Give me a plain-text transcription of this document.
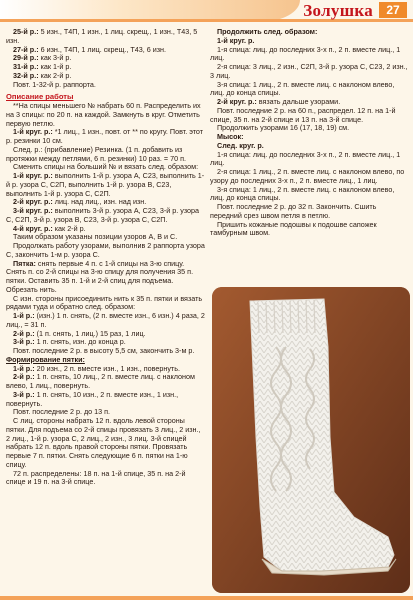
Золушка	27

25-й р.: 5 изн., Т4П, 1 изн., 1 лиц. скрещ., 1 изн., Т43, 5 изн.

27-й р.: 6 изн., Т4П, 1 лиц. скрещ., Т43, 6 изн.

29-й р.: как 3-й р.

31-й р.: как 1-й р.

32-й р.: как 2-й р.

Повт. 1-32-й р. раппорта.

Описание работы

**На спицы меньшего № набрать 60 п. Распределить их на 3 спицы: по 20 п. на каждой. Замкнуть в круг. Отметить первую петлю.

1-й круг. р.: *1 лиц., 1 изн., повт. от ** по кругу. Повт. этот р. резинки 10 см.

След. р.: (прибавление) Резинка. (1 п. добавить из протяжки между петлями, 6 п. резинки) 10 раз. = 70 п.

Сменить спицы на больший № и вязать след. образом:

1-й круг. р.: выполнить 1-й р. узора А, С23, выполнить 1-й р. узора С, С2П, выполнить 1-й р. узора В, С23, выполнить 1-й р. узора С, С2П.

2-й круг. р.: лиц. над лиц., изн. над изн.

3-й круг. р.: выполнить 3-й р. узора А, С23, 3-й р. узора С, С2П, 3-й р. узора В, С23, 3-й р. узора С, С2П.

4-й круг. р.: как 2-й р.

Таким образом указаны позиции узоров А, В и С.

Продолжать работу узорами, выполнив 2 раппорта узора С, закончить 1-м р. узора С.

Пятка: снять первые 4 п. с 1-й спицы на 3-ю спицу. Снять п. со 2-й спицы на 3-ю спицу для получения 35 п. пятки. Оставить 35 п. 1-й и 2-й спиц для подъема. Обрезать нить.

С изн. стороны присоединить нить к 35 п. пятки и вязать рядами туда и обратно след. образом:

1-й р.: (изн.) 1 п. снять, (2 п. вместе изн., 6 изн.) 4 раза, 2 лиц., = 31 п.

2-й р.: (1 п. снять, 1 лиц.) 15 раз, 1 лиц.

3-й р.: 1 п. снять, изн. до конца р.

Повт. последние 2 р. в высоту 5,5 см, закончить 3-м р.

Формирование пятки:

1-й р.: 20 изн., 2 п. вместе изн., 1 изн., повернуть.

2-й р.: 1 п. снять, 10 лиц., 2 п. вместе лиц. с наклоном влево, 1 лиц., повернуть.

3-й р.: 1 п. снять, 10 изн., 2 п. вместе изн., 1 изн., повернуть.

Повт. последние 2 р. до 13 п.

С лиц. стороны набрать 12 п. вдоль левой стороны пятки. Для подъема со 2-й спицы провязать 3 лиц., 2 изн., 2 лиц., 1-й р. узора С, 2 лиц., 2 изн., 3 лиц. 3-й спицей набрать 12 п. вдоль правой стороны пятки. Провязать первые 7 п. пятки. Снять следующие 6 п. пятки на 1-ю спицу.

72 п. распределены: 18 п. на 1-й спице, 35 п. на 2-й спице и 19 п. на 3-й спице.

Продолжить след. образом:

1-й круг. р.

1-я спица: лиц. до последних 3-х п., 2 п. вместе лиц., 1 лиц.

2-я спица: 3 лиц., 2 изн., С2П, 3-й р. узора С, С23, 2 изн., 3 лиц.

3-я спица: 1 лиц., 2 п. вместе лиц. с наклоном влево, лиц. до конца спицы.

2-й круг. р.: вязать дальше узорами.

Повт. последние 2 р. на 60 п., распредел. 12 п. на 1-й спице, 35 п. на 2-й спице и 13 п. на 3-й спице.

Продолжить узорами 16 (17, 18, 19) см.

Мысок:

След. круг. р.

1-я спица: лиц. до последних 3-х п., 2 п. вместе лиц., 1 лиц.

2-я спица: 1 лиц., 2 п. вместе лиц. с наклоном влево, по узору до последних 3-х п., 2 п. вместе лиц., 1 лиц.

3-я спица: 1 лиц., 2 п. вместе лиц. с наклоном влево, лиц. до конца спицы.

Повт. последние 2 р. до 32 п. Закончить. Сшить передний срез швом петля в петлю.

Пришить кожаные подошвы к подошве сапожек тамбурным швом.
